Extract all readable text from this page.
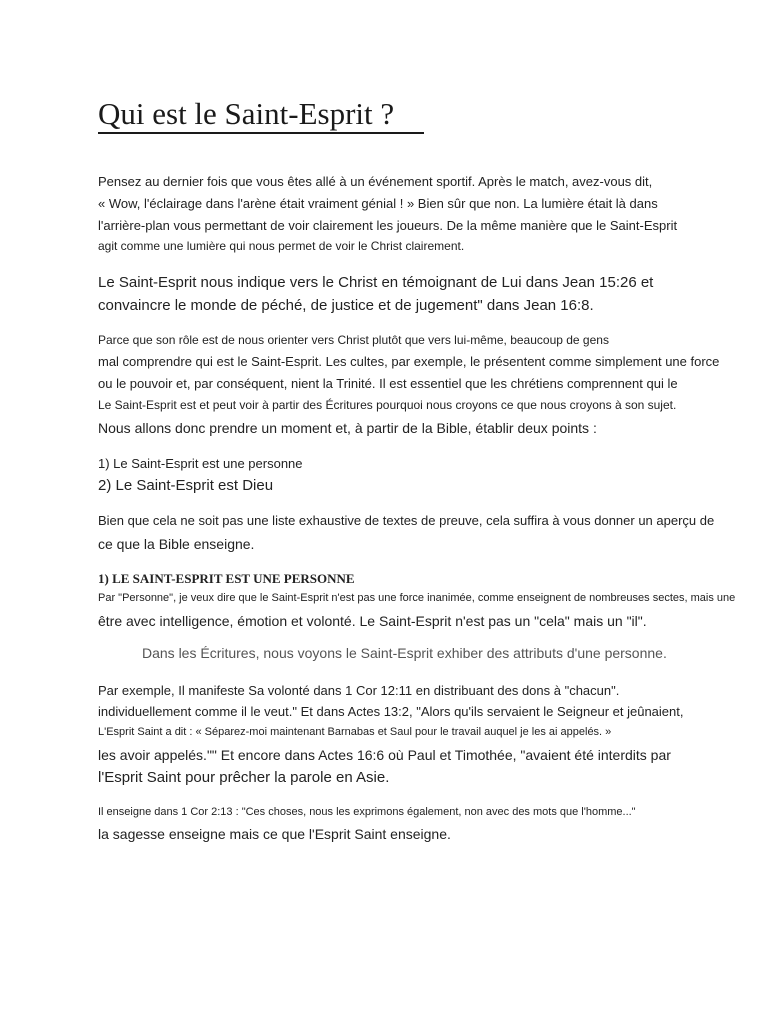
Qui est le Saint-Esprit ?
Pensez au dernier fois que vous êtes allé à un événement sportif. Après le match, avez-vous dit,
« Wow, l'éclairage dans l'arène était vraiment génial ! » Bien sûr que non. La lumière était là dans
l'arrière-plan vous permettant de voir clairement les joueurs. De la même manière que le Saint-Esprit
agit comme une lumière qui nous permet de voir le Christ clairement.
Le Saint-Esprit nous indique vers le Christ en témoignant de Lui dans Jean 15:26 et
convaincre le monde de péché, de justice et de jugement" dans Jean 16:8.
Parce que son rôle est de nous orienter vers Christ plutôt que vers lui-même, beaucoup de gens
mal comprendre qui est le Saint-Esprit. Les cultes, par exemple, le présentent comme simplement une force
ou le pouvoir et, par conséquent, nient la Trinité. Il est essentiel que les chrétiens comprennent qui le
Le Saint-Esprit est et peut voir à partir des Écritures pourquoi nous croyons ce que nous croyons à son sujet.
Nous allons donc prendre un moment et, à partir de la Bible, établir deux points :
1) Le Saint-Esprit est une personne
2) Le Saint-Esprit est Dieu
Bien que cela ne soit pas une liste exhaustive de textes de preuve, cela suffira à vous donner un aperçu de
ce que la Bible enseigne.
1) LE SAINT-ESPRIT EST UNE PERSONNE
Par "Personne", je veux dire que le Saint-Esprit n'est pas une force inanimée, comme enseignent de nombreuses sectes, mais une
être avec intelligence, émotion et volonté. Le Saint-Esprit n'est pas un "cela" mais un "il".
Dans les Écritures, nous voyons le Saint-Esprit exhiber des attributs d'une personne.
Par exemple, Il manifeste Sa volonté dans 1 Cor 12:11 en distribuant des dons à "chacun".
individuellement comme il le veut." Et dans Actes 13:2, "Alors qu'ils servaient le Seigneur et jeûnaient,
L'Esprit Saint a dit : « Séparez-moi maintenant Barnabas et Saul pour le travail auquel je les ai appelés. »
les avoir appelés."" Et encore dans Actes 16:6 où Paul et Timothée, "avaient été interdits par
l'Esprit Saint pour prêcher la parole en Asie.
Il enseigne dans 1 Cor 2:13 : "Ces choses, nous les exprimons également, non avec des mots que l'homme..."
la sagesse enseigne mais ce que l'Esprit Saint enseigne.
